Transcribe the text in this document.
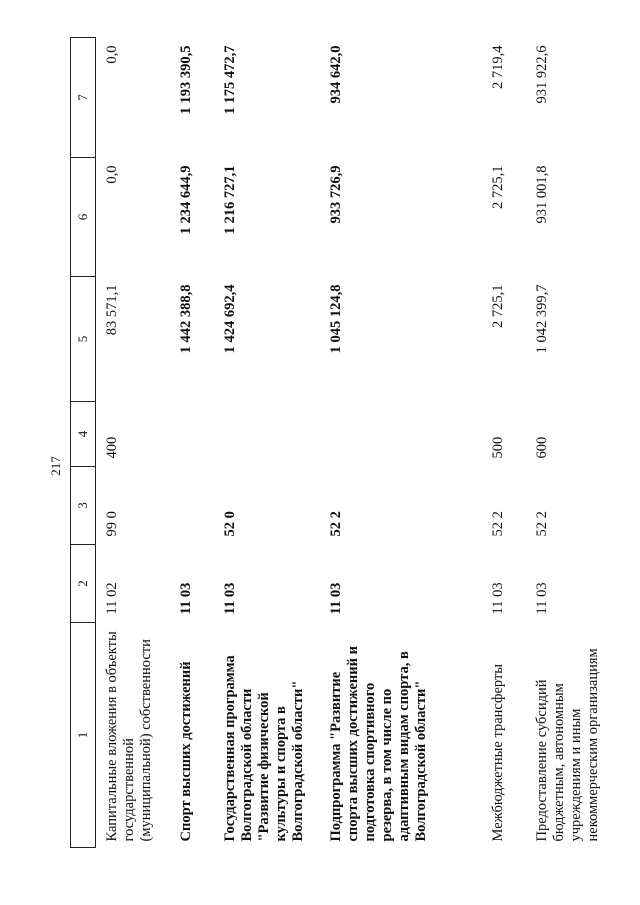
217
1	2	3	4	5	6	7
Капитальные вложения в объекты государственной (муниципальной) собственности	11 02	99 0	400	83 571,1	0,0	0,0
Спорт высших достижений	11 03			1 442 388,8	1 234 644,9	1 193 390,5
Государственная программа Волгоградской области "Развитие физической культуры и спорта в Волгоградской области"	11 03	52 0		1 424 692,4	1 216 727,1	1 175 472,7
Подпрограмма "Развитие спорта высших достижений и подготовка спортивного резерва, в том числе по адаптивным видам спорта, в Волгоградской области"	11 03	52 2		1 045 124,8	933 726,9	934 642,0
Межбюджетные трансферты	11 03	52 2	500	2 725,1	2 725,1	2 719,4
Предоставление субсидий бюджетным, автономным учреждениям и иным некоммерческим организациям	11 03	52 2	600	1 042 399,7	931 001,8	931 922,6
